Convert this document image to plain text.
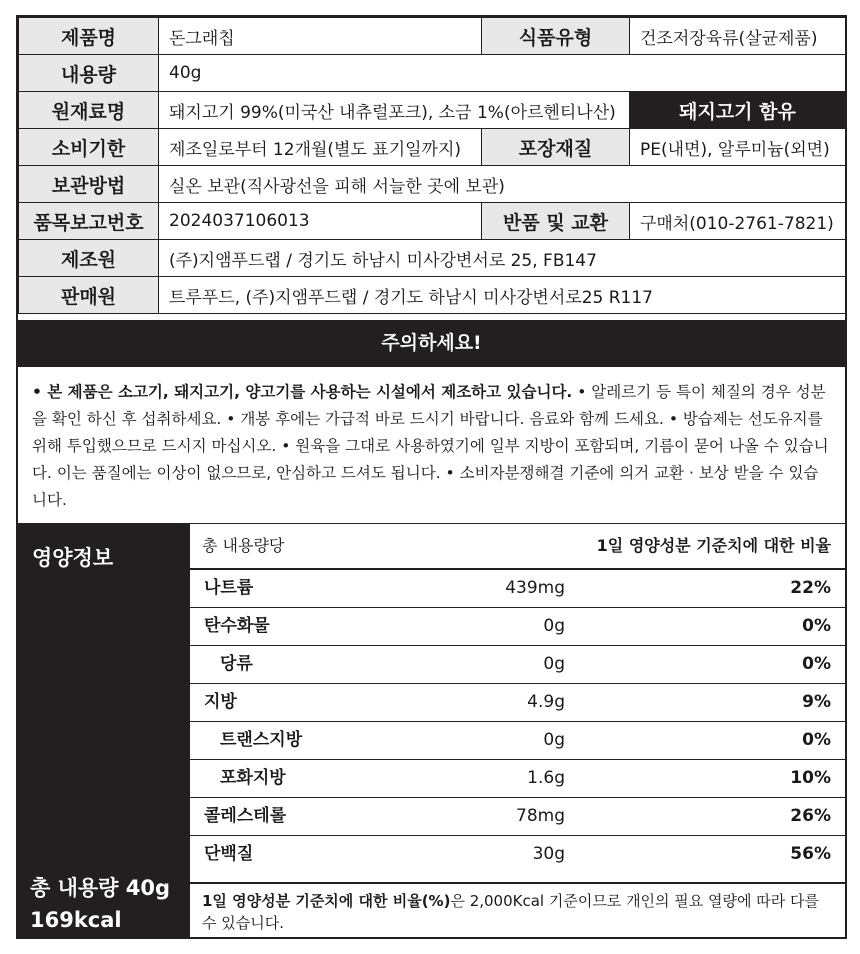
제품명	돈그래칩	식품유형	건조저장육류(살균제품)
내용량	40g		
원재료명	돼지고기 99%(미국산 내츄럴포크), 소금 1%(아르헨티나산)		돼지고기 함유
소비기한	제조일로부터 12개월(별도 표기일까지)	포장재질	PE(내면), 알루미늄(외면)
보관방법	실온 보관(직사광선을 피해 서늘한 곳에 보관)		
품목보고번호	2024037106013	반품 및 교환	구매처(010-2761-7821)
제조원	(주)지앰푸드랩 / 경기도 하남시 미사강변서로 25, FB147		
판매원	트루푸드, (주)지앰푸드랩 / 경기도 하남시 미사강변서로25 R117		
주의하세요!
• 본 제품은 소고기, 돼지고기, 양고기를 사용하는 시설에서 제조하고 있습니다. • 알레르기 등 특이 체질의 경우 성분을 확인 하신 후 섭취하세요. • 개봉 후에는 가급적 바로 드시기 바랍니다. 음료와 함께 드세요. • 방습제는 선도유지를 위해 투입했으므로 드시지 마십시오. • 원육을 그대로 사용하였기에 일부 지방이 포함되며, 기름이 묻어 나올 수 있습니다. 이는 품질에는 이상이 없으므로, 안심하고 드셔도 됩니다. • 소비자분쟁해결 기준에 의거 교환 · 보상 받을 수 있습니다.
영양정보
총 내용량 40g
169kcal
총 내용량당	1일 영양성분 기준치에 대한 비율
나트륨	439mg	22%
탄수화물	0g	0%
당류	0g	0%
지방	4.9g	9%
트랜스지방	0g	0%
포화지방	1.6g	10%
콜레스테롤	78mg	26%
단백질	30g	56%
1일 영양성분 기준치에 대한 비율(%)은 2,000Kcal 기준이므로 개인의 필요 열량에 따라 다를 수 있습니다.
